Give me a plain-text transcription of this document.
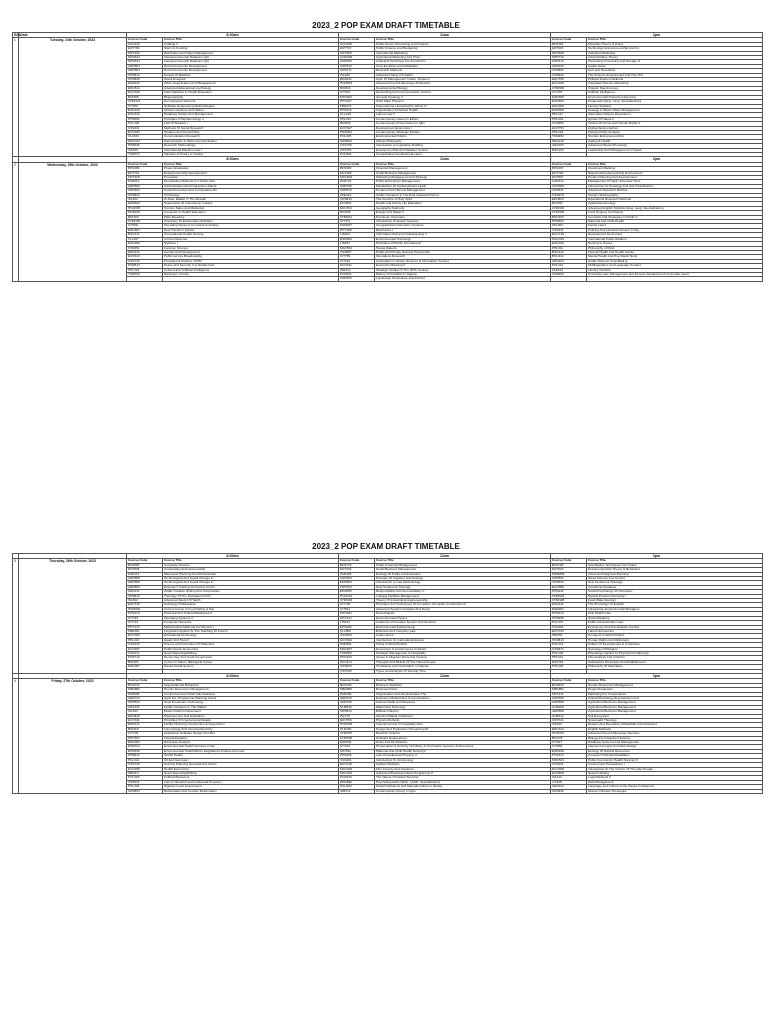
2023_2 POP EXAM DRAFT TIMETABLE
S/N	Date	8:30am		11am		2pm	
1	Tuesday, 24th October, 2023	Course Code	Course Title	Course Code	Course Title	Course Code	Course Title
		ACC433	Auditing II	ACC438	Public Sector Accounting And Finance	BFN402	Monetary Theory & Policy
		ENT709	Start Up Funding	ENT707	Public Finance And Budgeting	ENT615	Technology Entrepreneurship And Int
		MKT306	Distribution And Sales Management	MKT905	International Marketing	MKT808	Industrial Marketing
		NPM612	Intergovernmental Relations (Igr)	AGM409	Agricultural Marketing And Price	MPP712	Administrative Theory
		NPM812	Intergovernmental Relations (Igr)	ANP309	Analytical Technique For Animal Pro	CRP310	Harvesting Processing And Storage O
		AEM504	Rural Community Development	CRP513	Crop Evolution And Adaptation	ARA223	Arabic Novel
		AEM504	Rural Community Development	CRS771	Research Methods	CRS861	God and Revelation
		CRS812	Gospel Of Matthew	ISL430	Advanced Study Of Hadith	CSS822	The School's Environment And The Chil
		CRS826	Greek Exegesis	EDA842	Appl. Of Management In Edu. Systems	EDU766	Political Science Methods
		EDA816	Office Organization And Management	HCM816	Advanced Food & Beverage Production	ECO328	Integrated Science Workshop
		EDU822	Advanced Educational psychology	BIO813	Developmental Biology	CHM309	Organic Spectroscopy
		ECO318	Field Statistics In Health Education	CIT401	Networking And Communication Techno	CIT478	Artificial Intelligence
		BIO308	Biogeography	MTH402	General Topology II	ESM305	Environmental Protection Agencies
		CHM424	Non Aqueous Solvents	PHY407	Solid State Physics I	ENG833	Pragmatics (Eng. Lang. Specialization)
		CIT831	Software Engineering Methodologies	FRE672	Francophone Literature(Pre &Post In	ENG406	Literary Stylistics
		ENG419	African Literature And Nation	PHS316	Organization Of School Health	ESM309	Sewage & Waste Water Management
		ESU216	Database Design And Management	CLL216	Labour Law II	PPL317	Alternative Dispute Resolution I
		PHS804	Principles Of Epidemiology II	PHL321	Contemporary Issues In Ethics	PHL301	Syntax Of Hausa II
		PUL418	Law Of Taxation I	BIO842	Contemporary Prose Fiction In Igbo	CSS852	Victims Of Crime And Human Rights II
		CSS331	Methods Of Social Research	ECO347	Development Economics I	ECO753	Applied Econometrics
		ECO406	Taxation And Fiscal Policy	PRM461	Contemporary Strategic Studies	PHL323	Foreign Policy Analysis
		CLL834	Communication Research	POL326	Environmental Politics	TSM452	Tourism Entrepreneurship
		MAC413	Data Analysis In Mass Communication	CRS864	African Philosophy	HEA418	Ageing & Health
		PHS825	Research Methodology	CSS725	Introduction to Legislative Drafting	ARA403	Advanced Hausa Phonology
		ISL829	International Maritime Law I	CSS761	Emergency Risk And Disaster Control	BSC403	Leadership And Management in Health
		YOR371	Varieties of Poetry in Yoruba	PUL802	Comparative Constitutional Law II		
		8:30am		11am		2pm	
2	Wednesday, 25th October, 2023	Course Code	Course Title	Course Code	Course Title	Course Code	Course Title
		BFN409	Project Evaluation	BFN303	Financial Management	BFN407	Investment Banking
		ENT701	Entrepreneurship Development	ENT428	Small Business Management	ENT702	Nigerian Entrepreneurship Environment
		MKT308	Promotion	MKC904	Marketing Management And Strategy	ENT827	Product Planning And Development
		PAD813	Quantitative Methods For Public Adm	PAD724	Public Enterprises Management	AAD312	Management Of Agric. Extension Pers
		AEM505	Administration And Programme Planni	ANP408	Metabolism Of Carbohydrates Lipids	ACM303	Introduction To Pedology And Soil Classification
		CRD622	Social Processes And Comparative Ru	CRP516	Produce Post Harvest Management	CRS831	Advanced Research Method
		CRS822	Christology	AFE414	Arabic Literature In The Post-Classical Period	CSS878	Islamic Historiography
		ISL402	Al-Nisa, Makatt In The Shariah	CRS843	The Doctrine of Holy Spirit	EDU823	Educational Research Methods
		EDM822	Supervision Of Instructions In Educ	ECS821	Health And Family Life Education	BIO459	Applied Entomology
		HCM305	Tourism Sales And Marketing	EDU764	Geography Methods	CHM404	Advanced English Stylistics (Eng. Lang. Specialization)
		MCB226	Computer In Health Education	BIO428	Energy And Matter II	CHM309	Food Hygiene And Safety
		BIO409	Plant Breeding	CHM311	Petroleum Chemistry	BSC303	Concepts And Strategies In Public C
		CHM426	Chemistry Of Earthonides Actinides	CIT474	Introduction To Expert Systems	PHS804	Maternal And Child Health
		CIT832	Operating Systems Concepts And Netw	ESM407	Geographical Information Systems	FPL304	Family Law II
		ENG821	New Trends In Syntax	PHY308	Electronics I	CSS341	Policing And Law Enforcement In Nig
		BSC312	Occupational Health Nursing	LIS400	Information Retrieval (Cataloguing) II	ECO718	Development Economics
		CLL307	Commercial Law	ESM303	Environmental Toxicology	MAC334	International Public Relation
		ENG406	Stylistics I	LIS452	Principles Of Public International	ENG333	Nursing In Hausa
		CSS851	Forensic Science	MAC501	Hausa Dialects	PHL311	Philosophy of Mind
		DES313	Gender And Development	CSS867	Public And Private Security Partnership	BSC412	Internal Health and Health Carrier
		ECO413	Public service Broadcasting	CIT756	Operations Research	BSC412	Mental Health And Psychiatric Nursi
		CSS715	Principles & Practice Of PR	CIT416	Automation in Library Services & Information Centres	ARA423	Arabic Rhetoric III (al-Badi'u)
		PCR813	Peace And Security In A Global Cont	ECO441	Economic Planning II	PHL412	Multilingualism And Language Contact
		PHL324	Cybernetics/ Artificial Intelligence	INR312	Strategic Studies In The 20Th Century	FLE414	Literary Criticism
		YOR312	Naming in Yoruba	PCR431	History Of Conflicts In Nigeria	CSS802	Corporate Law, Management and Finance Advancement Corporate Law II
				CRP506	Landscape Horticulture And Floricul		
2023_2 POP EXAM DRAFT TIMETABLE
		8:30am		11am		2pm	
3	Thursday, 26th October, 2023	Course Code	Course Title	Course Code	Course Title	Course Code	Course Title
		BFN805	Corporate Finance	BFN779	Public Financial Management	BFN728	Quantitative Techniques For Financ
		ENT825	Cooperative Entrepreneurship	ENT443	Small Business Management	ENT623	Entrepreneurship Theory & Behaviour
		PAD314	Manpower Planning And Administratio	PAD306	Ecology Of Public Administration	MPM856	Urban And Regional Planning
		AEM508	Technological And Social Change In	CRP406	Principle Of Irrigation And Drainag	CRP501	Weed Science And Control
		AEM508	Technological And Social Change In	EDM841	Introduction to Law Methodology	CRS832	New Testament Theology
		AEM505	Extension Training Curriculum And D	CRS704	New Testament Theology	EGC805	Vocational Guidance
		ARA414	Arabic Creative Writing And Composition	EDA855	Responsibility And Accountability in	PHS442	Social Psychology Of Instruction
		CRS812	Theology Of The Pentateuch (OT)	HCM414	Lodging Facilities Management	CHM318	Natural Product Chemistry I
		ISL822	Advanced Study Of Hadith	CHM403	Theory Of Industrial Entrepreneurship	CHM428	Food Water Ecology
		EDU736	Sociology Of Education	CIT736	Principles And Techniques Of Compilers (Compiler Construction I)	ENG411	The Phonology Of English
		HCM302	Current Issues In Food Safety & San	CIT811	Advanced Systems Analysis And Desig	ESM201	Introduction Environmental Managem
		PHS313	Historical And Cultural Background	MTH441	Real Analysis	PHS319	Oral Health Care
		CIT415	Operating Systems II	PHY414	Environmental Physics	PHS808	Social Medicine
		CIT712	Computer Networks	LIS423	Academic Information System And Services	PUL307	Public Administration Law
		PHY413	Mathematical Methods For Physics I	EHS405	Environmental Epidemiology	CSS491	Emergency And Anti-Disaster Control
		FRE492	Linguistics Applied To The Teaching Of French	CLL806	Business And Company Law	ECO723	Labour Economics
		ECO332	Educational Technology	CSS603	Cybercrimes	INR351	Conquest In World Politics
		PPL424	Equity And Trust II	ECO344	Introduction To International Econo	PCR819	Human Rights And Diplomacy
		CSS415	Prisons And Correction Of Offenders	PAM491	China In World Politics	POL314	Politics Of Development & Underdeve
		ECO497	Public Sector Economics	MAC827	Economics & Social Issues In Advert	CSS874	Sociology Of Religion
		CSS411	News Reporting/Writing	TSM456	Strategic Management In Hospitality	PHL436	Physiology Applied To Physical Conditioning
		PCR712	Democracy And Good Governance	PHC323	Issues In Nigerian Films And Cinema	PHL312	Film Analysis And Criticism
		BIO403	Cycles In Nature (Biological Cycles	HAU314	Thoughts And Beliefs Of The Hausa People	ESV704	Substantive Procedure And Establishment
		ENG307	Hausa Social System	CRS803	Christianity and Colonialism In Nigeria	PHL418	Philosophy Of Naturalism
				CSS765	Types And Analysis Of Security Thre		
		8:30am		11am		2pm	
4	Friday, 27th October, 2023	Course Code	Course Title	Course Code	Course Title	Course Code	Course Title
		BUS422	Organizational Behaviour	BUS702	Business Statistics	BUS625	Human Resources Management
		MBA806	Human Resources Management	MBA880	Business Policy	MBA851	Project Evaluation
		PAD808	Comprehensive Public Administration	PAD306	Organisation And Administration The	MKT411	Marketing For Cooperatives
		AEM712	Agric Ext. Programme Planning And E	AEM719	Extension Method And Communication	ANP306	Animal Physiology Reproduction And
		CRP504	Seed Production Technology	ANP436	Animal Health And Diseases	AEM609	Agricultural Business Management
		ARA430	Arabic Literature In The Maltan	SLM530	Watershed Hydrology	ALM609	Agricultural Business Management
		ISL402	Modern Reform Movement	CRS814	Biblical Criticism	AEM509	Agricultural Business Management
		EDU820	Measurement And Evaluation	ISL378	Islamic Political Institutions	SLM514	Soil Ecosystem
		ECO311	Principles Of Interpersonal Relatio	EDU766	Physics Methods	CRS721	Systematic Theology
		ERS312	Facility Planning Construction & Supervision	HCM436	Internal Control In Hospitality Adm	ISL840	Reason And Revelation (Mutazillah And Asharism)
		BIO418	Immunology And Immunochemistry	PLD430	Design And Production Of Learning M	EDU722	English Methods
		CIT735	Application Software Design And Mul	CHM407	Reaction Kinetics	HCM307	Advanced Food & Beverage Services
		MTH421	Integral Equation	CHM335	Software Engineering I	BIO415	Biology For Integrated Science
		ENG352	Discourse Analysis	ESM311	Noise And Air Pollution	CIT827	Database Systems And Management
		ESM314	Environmental Health Services In Em	CIT431	Preservation & Security Of Library & Information Systems & Resources	CIT855	Internet Concepts And Web Design
		EHS509	Environmental Health Ethics Regulations Policies And Law	MIC352	Maternal And Child Health Nursing II	ESM428	Ecology Of Natural Resources
		PHS812	Global Health	PHS436	Law Of Intellectual Property II	PHS313	Concept Of Mental Disabilities
		PUL312	Oil And Gas Law I	CSS401	Introduction To Criminology	MSC501	Public Community Health Nursing III
		CSS749	Security Planning Development And D	ECO726	Applied Statistics	CSS201	Commercial Transactions I
		ECO409	Health Economics	MAC329	Film Country And Literature	ECO308	Introduction To The Culture Of The Igbo People
		INR413	News Reporting/Writing	MAC402	Advanced Broadcast News Programme P	ECO818	Speech Writing
		POL318	Political Behaviour	PCR415	The Nature Of Global Terrorism	ISL312	Legal Methods II
		CSS831	Law of Industrial and Intellectual Property I	ENG892	Psycholinguistics (ENG. LANG. Specialization)	LIT308	Data Management
		POL404	Nigerian Local Government	HAU402	Social Institutions and Material Culture in Hausa	ARA424	Language and Culture of the Hausa In Diaspora
		CRS803	Reformation And Counter Reformation	IGB472	Contemporary Poetry in Igbo	CRS846	African Christian Theologies
